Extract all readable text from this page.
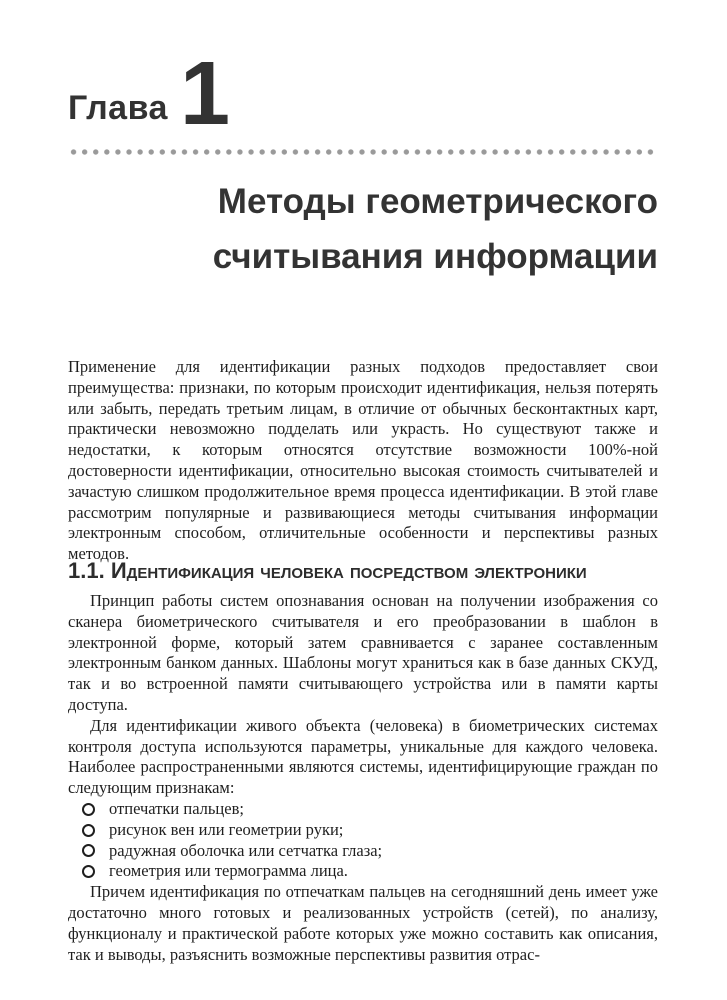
Глава 1
Методы геометрического
считывания информации

Применение для идентификации разных подходов предоставляет свои преимущества: признаки, по которым происходит идентификация, нельзя потерять или забыть, передать третьим лицам, в отличие от обычных бесконтактных карт, практически невозможно подделать или украсть. Но существуют также и недостатки, к которым относятся отсутствие возможности 100%-ной достоверности идентификации, относительно высокая стоимость считывателей и зачастую слишком продолжительное время процесса идентификации. В этой главе рассмотрим популярные и развивающиеся методы считывания информации электронным способом, отличительные особенности и перспективы разных методов.

1.1. Идентификация человека посредством электроники

Принцип работы систем опознавания основан на получении изображения со сканера биометрического считывателя и его преобразовании в шаблон в электронной форме, который затем сравнивается с заранее составленным электронным банком данных. Шаблоны могут храниться как в базе данных СКУД, так и во встроенной памяти считывающего устройства или в памяти карты доступа.

Для идентификации живого объекта (человека) в биометрических системах контроля доступа используются параметры, уникальные для каждого человека. Наиболее распространенными являются системы, идентифицирующие граждан по следующим признакам:

отпечатки пальцев;
рисунок вен или геометрии руки;
радужная оболочка или сетчатка глаза;
геометрия или термограмма лица.

Причем идентификация по отпечаткам пальцев на сегодняшний день имеет уже достаточно много готовых и реализованных устройств (сетей), по анализу, функционалу и практической работе которых уже можно составить как описания, так и выводы, разъяснить возможные перспективы развития отрас-
